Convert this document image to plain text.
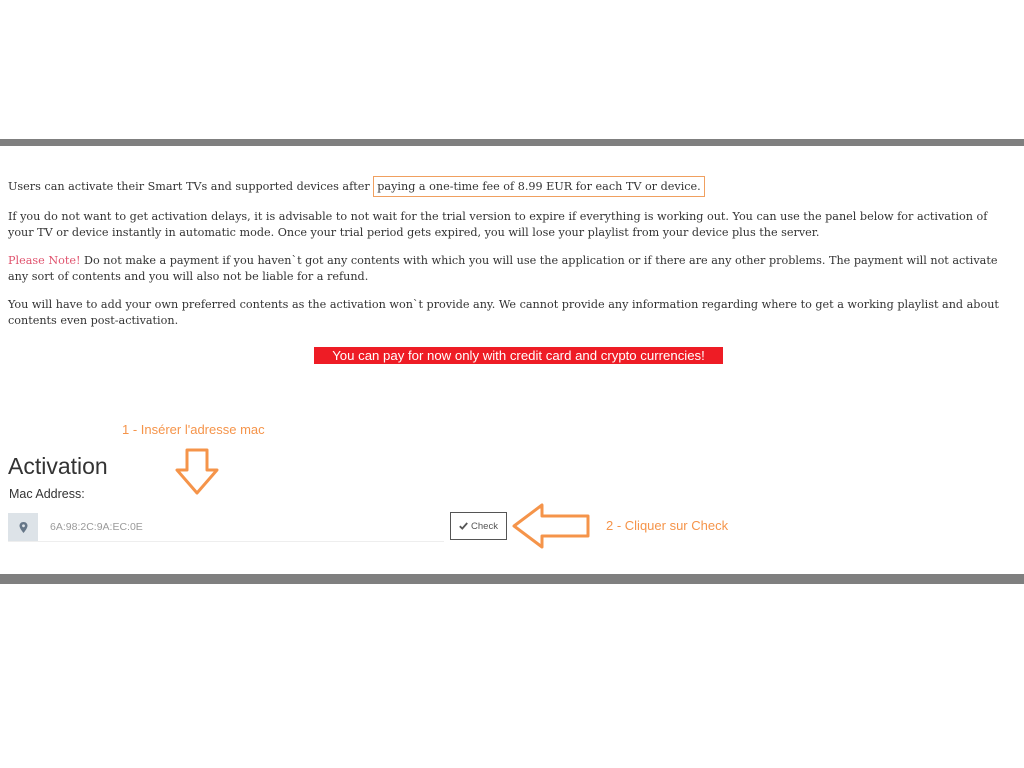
Users can activate their Smart TVs and supported devices after paying a one-time fee of 8.99 EUR for each TV or device.

If you do not want to get activation delays, it is advisable to not wait for the trial version to expire if everything is working out. You can use the panel below for activation of your TV or device instantly in automatic mode. Once your trial period gets expired, you will lose your playlist from your device plus the server.

Please Note! Do not make a payment if you haven`t got any contents with which you will use the application or if there are any other problems. The payment will not activate any sort of contents and you will also not be liable for a refund.

You will have to add your own preferred contents as the activation won`t provide any. We cannot provide any information regarding where to get a working playlist and about contents even post-activation.

You can pay for now only with credit card and crypto currencies!
1 - Insérer l'adresse mac
Activation
Mac Address:
6A:98:2C:9A:EC:0E
Check	2 - Cliquer sur Check
